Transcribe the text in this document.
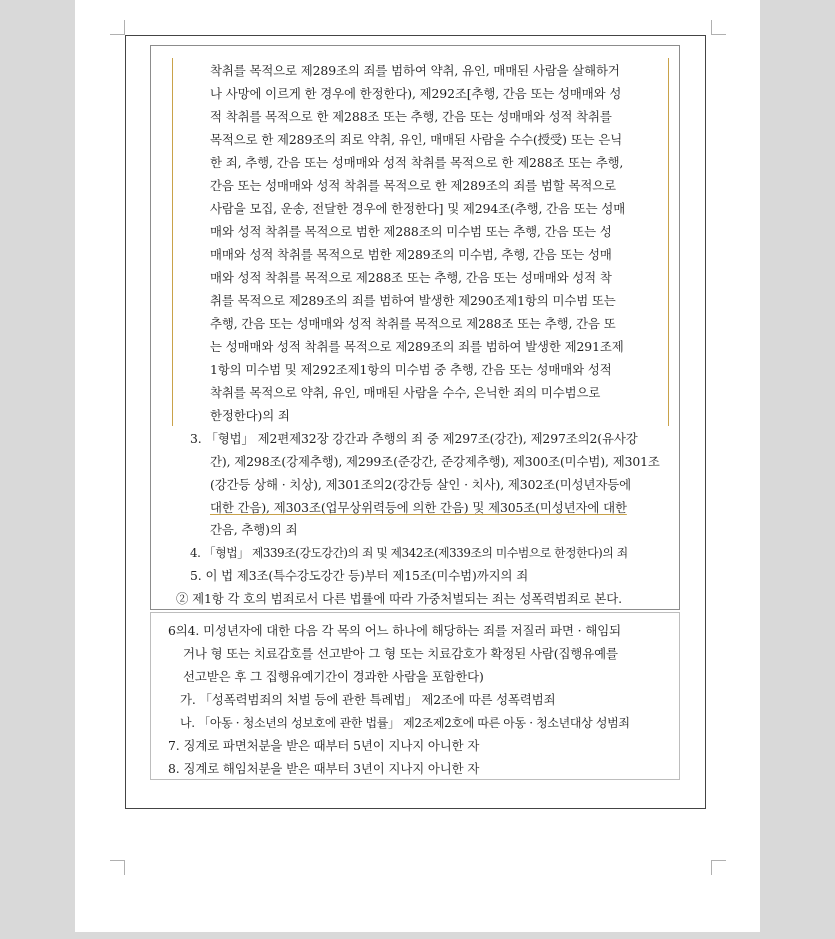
착취를 목적으로 제289조의 죄를 범하여 약취, 유인, 매매된 사람을 살해하거
나 사망에 이르게 한 경우에 한정한다), 제292조[추행, 간음 또는 성매매와 성
적 착취를 목적으로 한 제288조 또는 추행, 간음 또는 성매매와 성적 착취를
목적으로 한 제289조의 죄로 약취, 유인, 매매된 사람을 수수(授受) 또는 은닉
한 죄, 추행, 간음 또는 성매매와 성적 착취를 목적으로 한 제288조 또는 추행,
간음 또는 성매매와 성적 착취를 목적으로 한 제289조의 죄를 범할 목적으로
사람을 모집, 운송, 전달한 경우에 한정한다] 및 제294조(추행, 간음 또는 성매
매와 성적 착취를 목적으로 범한 제288조의 미수범 또는 추행, 간음 또는 성
매매와 성적 착취를 목적으로 범한 제289조의 미수범, 추행, 간음 또는 성매
매와 성적 착취를 목적으로 제288조 또는 추행, 간음 또는 성매매와 성적 착
취를 목적으로 제289조의 죄를 범하여 발생한 제290조제1항의 미수범 또는
추행, 간음 또는 성매매와 성적 착취를 목적으로 제288조 또는 추행, 간음 또
는 성매매와 성적 착취를 목적으로 제289조의 죄를 범하여 발생한 제291조제
1항의 미수범 및 제292조제1항의 미수범 중 추행, 간음 또는 성매매와 성적
착취를 목적으로 약취, 유인, 매매된 사람을 수수, 은닉한 죄의 미수범으로
한정한다)의 죄
3. 「형법」 제2편제32장 강간과 추행의 죄 중 제297조(강간), 제297조의2(유사강
간), 제298조(강제추행), 제299조(준강간, 준강제추행), 제300조(미수범), 제301조
(강간등 상해 · 치상), 제301조의2(강간등 살인 · 치사), 제302조(미성년자등에
대한 간음), 제303조(업무상위력등에 의한 간음) 및 제305조(미성년자에 대한
간음, 추행)의 죄
4. 「형법」 제339조(강도강간)의 죄 및 제342조(제339조의 미수범으로 한정한다)의 죄
5. 이 법 제3조(특수강도강간 등)부터 제15조(미수범)까지의 죄
② 제1항 각 호의 범죄로서 다른 법률에 따라 가중처벌되는 죄는 성폭력범죄로 본다.
6의4. 미성년자에 대한 다음 각 목의 어느 하나에 해당하는 죄를 저질러 파면 · 해임되
거나 형 또는 치료감호를 선고받아 그 형 또는 치료감호가 확정된 사람(집행유예를
선고받은 후 그 집행유예기간이 경과한 사람을 포함한다)
가. 「성폭력범죄의 처벌 등에 관한 특례법」 제2조에 따른 성폭력범죄
나. 「아동 · 청소년의 성보호에 관한 법률」 제2조제2호에 따른 아동 · 청소년대상 성범죄
7. 징계로 파면처분을 받은 때부터 5년이 지나지 아니한 자
8. 징계로 해임처분을 받은 때부터 3년이 지나지 아니한 자
